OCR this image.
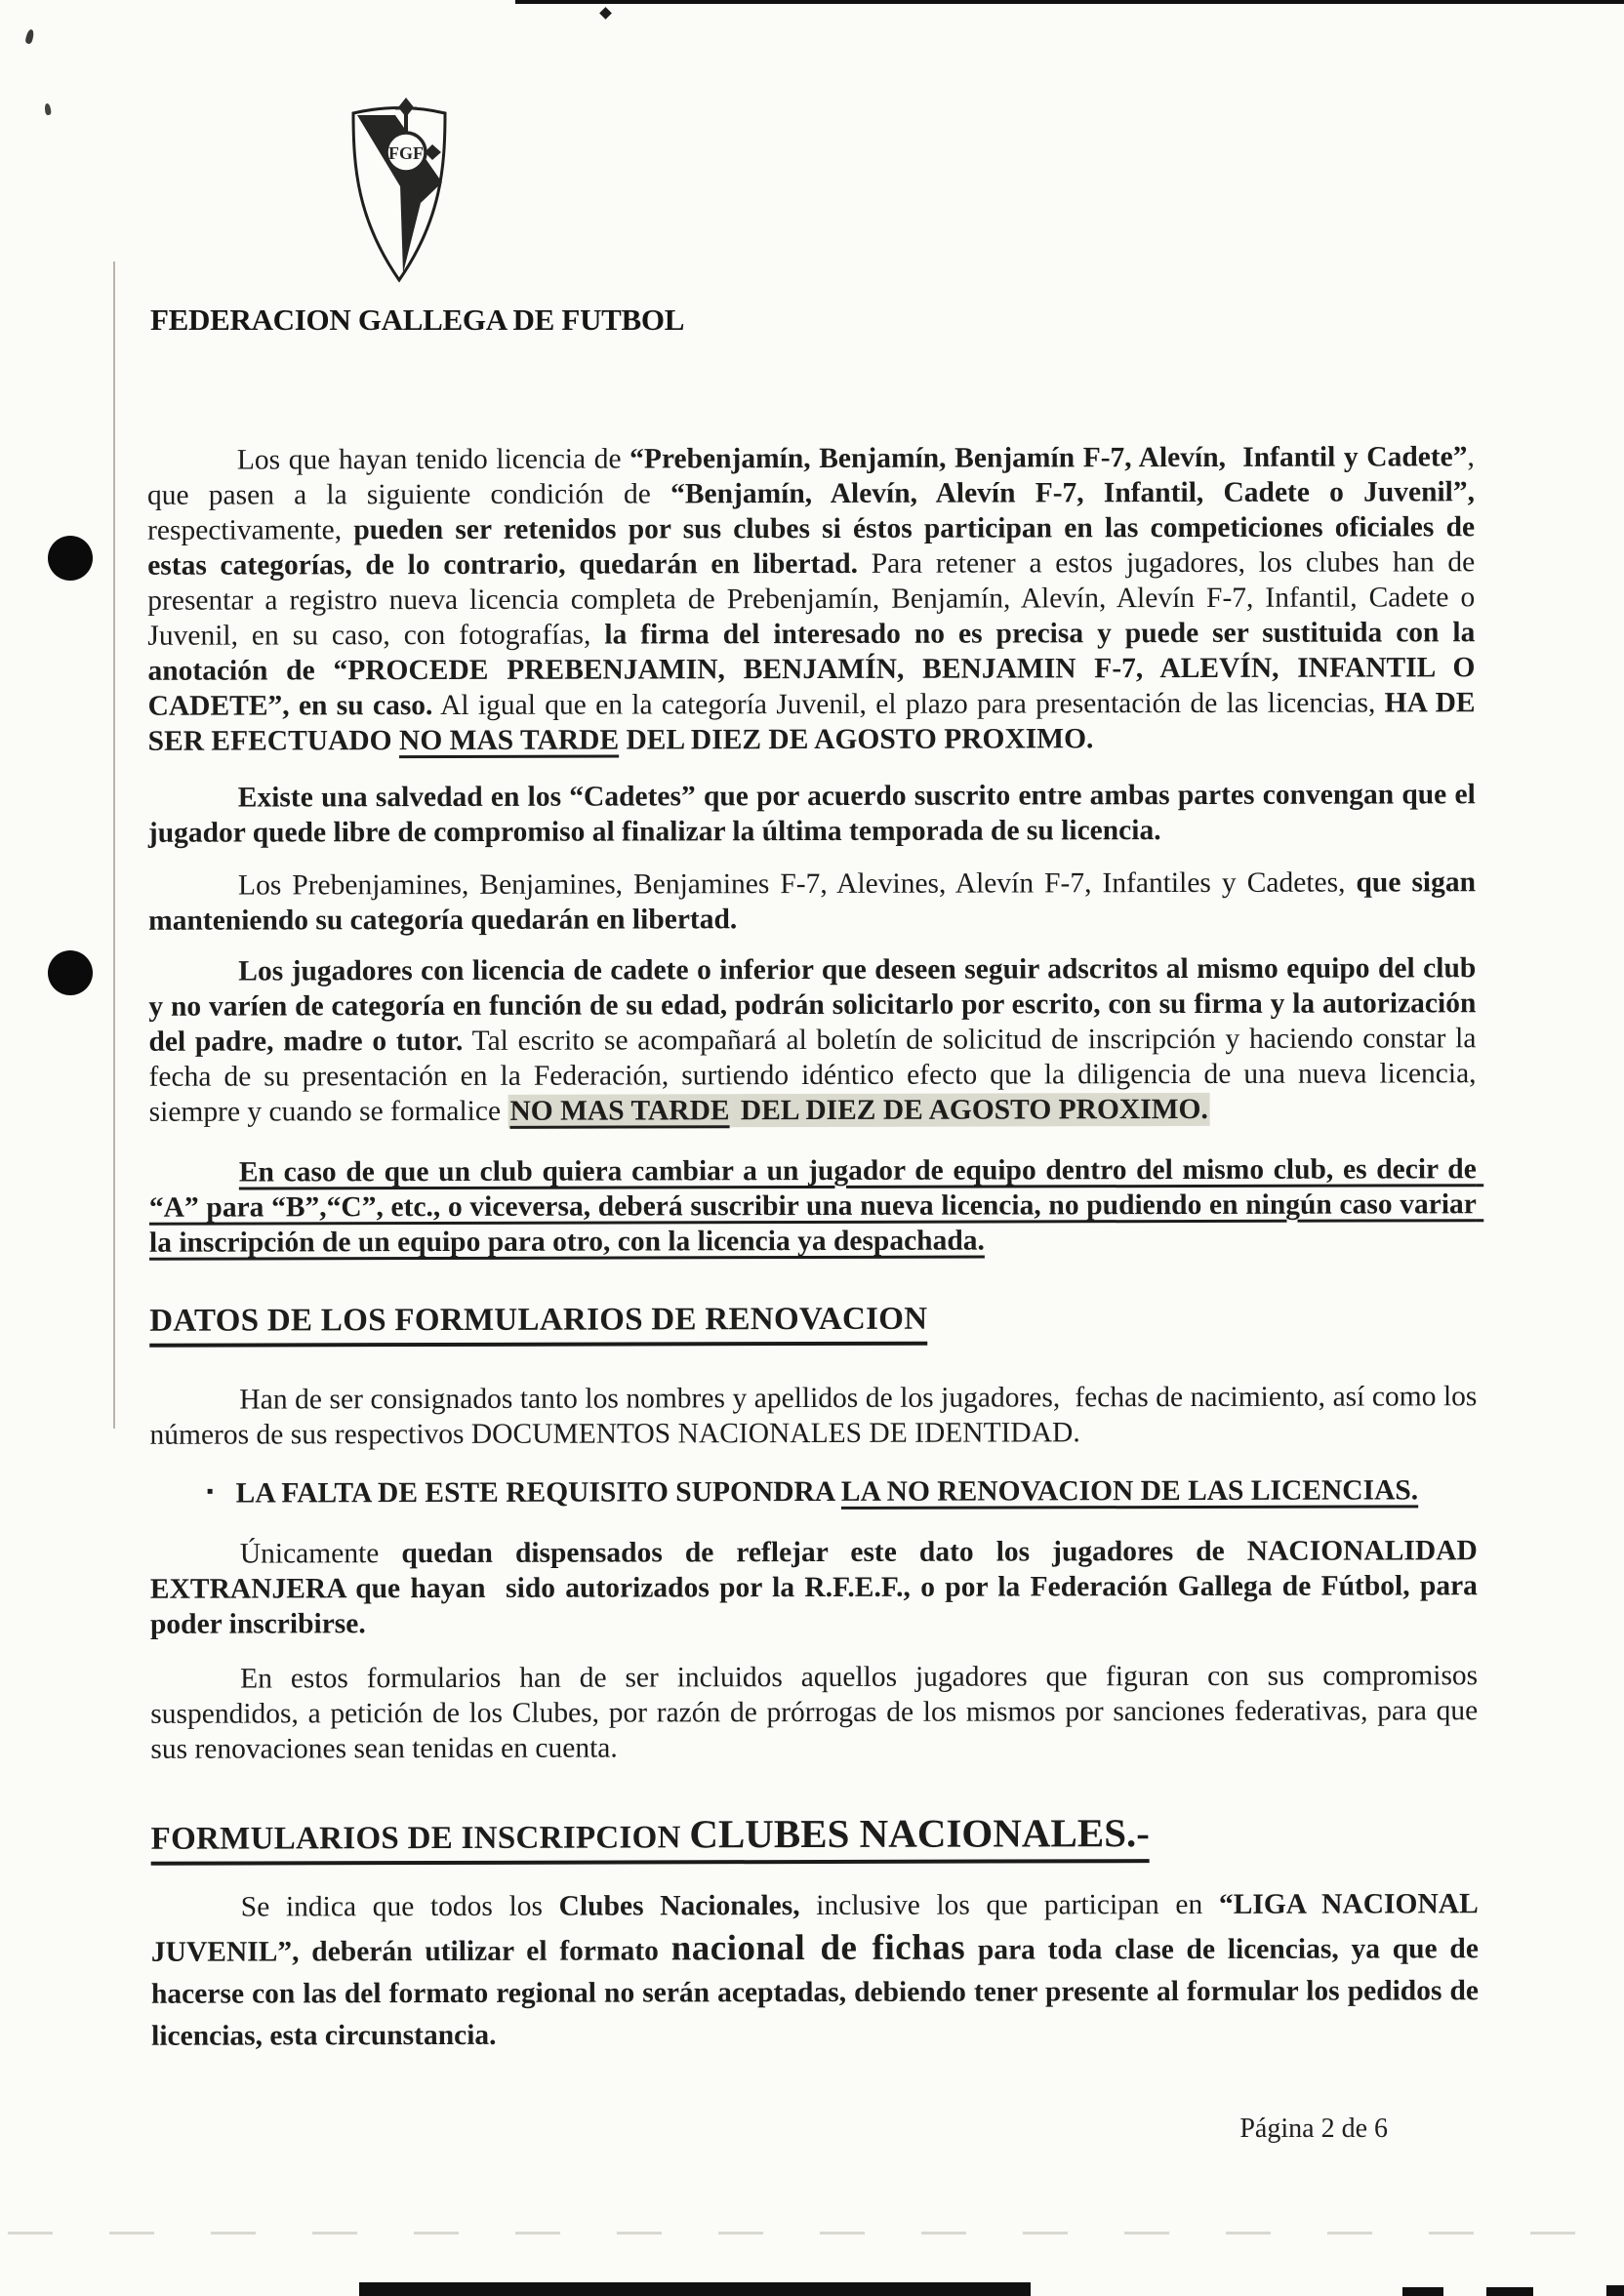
FGF
FEDERACION GALLEGA DE FUTBOL
Los que hayan tenido licencia de “Prebenjamín, Benjamín, Benjamín F-7, Alevín,  Infantil y Cadete”, que pasen a la siguiente condición de “Benjamín, Alevín, Alevín F-7, Infantil, Cadete o Juvenil”, respectivamente, pueden ser retenidos por sus clubes si éstos participan en las competiciones oficiales de estas categorías, de lo contrario, quedarán en libertad. Para retener a estos jugadores, los clubes han de presentar a registro nueva licencia completa de Prebenjamín, Benjamín, Alevín, Alevín F-7, Infantil, Cadete o Juvenil, en su caso, con fotografías, la firma del interesado no es precisa y puede ser sustituida con la anotación de “PROCEDE PREBENJAMIN, BENJAMÍN, BENJAMIN F-7, ALEVÍN, INFANTIL O CADETE”, en su caso. Al igual que en la categoría Juvenil, el plazo para presentación de las licencias, HA DE SER EFECTUADO NO MAS TARDE DEL DIEZ DE AGOSTO PROXIMO.
Existe una salvedad en los “Cadetes” que por acuerdo suscrito entre ambas partes convengan que el jugador quede libre de compromiso al finalizar la última temporada de su licencia.
Los Prebenjamines, Benjamines, Benjamines F-7, Alevines, Alevín F-7, Infantiles y Cadetes, que sigan manteniendo su categoría quedarán en libertad.
Los jugadores con licencia de cadete o inferior que deseen seguir adscritos al mismo equipo del club y no varíen de categoría en función de su edad, podrán solicitarlo por escrito, con su firma y la autorización del padre, madre o tutor. Tal escrito se acompañará al boletín de solicitud de inscripción y haciendo constar la fecha de su presentación en la Federación, surtiendo idéntico efecto que la diligencia de una nueva licencia, siempre y cuando se formalice NO MAS TARDE DEL DIEZ DE AGOSTO PROXIMO.
En caso de que un club quiera cambiar a un jugador de equipo dentro del mismo club, es decir de “A” para “B”,“C”, etc., o viceversa, deberá suscribir una nueva licencia, no pudiendo en ningún caso variar la inscripción de un equipo para otro, con la licencia ya despachada.
DATOS DE LOS FORMULARIOS DE RENOVACION
Han de ser consignados tanto los nombres y apellidos de los jugadores,  fechas de nacimiento, así como los números de sus respectivos DOCUMENTOS NACIONALES DE IDENTIDAD.
▪ LA FALTA DE ESTE REQUISITO SUPONDRA LA NO RENOVACION DE LAS LICENCIAS.
Únicamente quedan dispensados de reflejar este dato los jugadores de NACIONALIDAD EXTRANJERA que hayan  sido autorizados por la R.F.E.F., o por la Federación Gallega de Fútbol, para poder inscribirse.
En estos formularios han de ser incluidos aquellos jugadores que figuran con sus compromisos suspendidos, a petición de los Clubes, por razón de prórrogas de los mismos por sanciones federativas, para que sus renovaciones sean tenidas en cuenta.
FORMULARIOS DE INSCRIPCION CLUBES NACIONALES.-
Se indica que todos los Clubes Nacionales, inclusive los que participan en “LIGA NACIONAL JUVENIL”, deberán utilizar el formato nacional de fichas para toda clase de licencias, ya que de hacerse con las del formato regional no serán aceptadas, debiendo tener presente al formular los pedidos de licencias, esta circunstancia.
Página 2 de 6
